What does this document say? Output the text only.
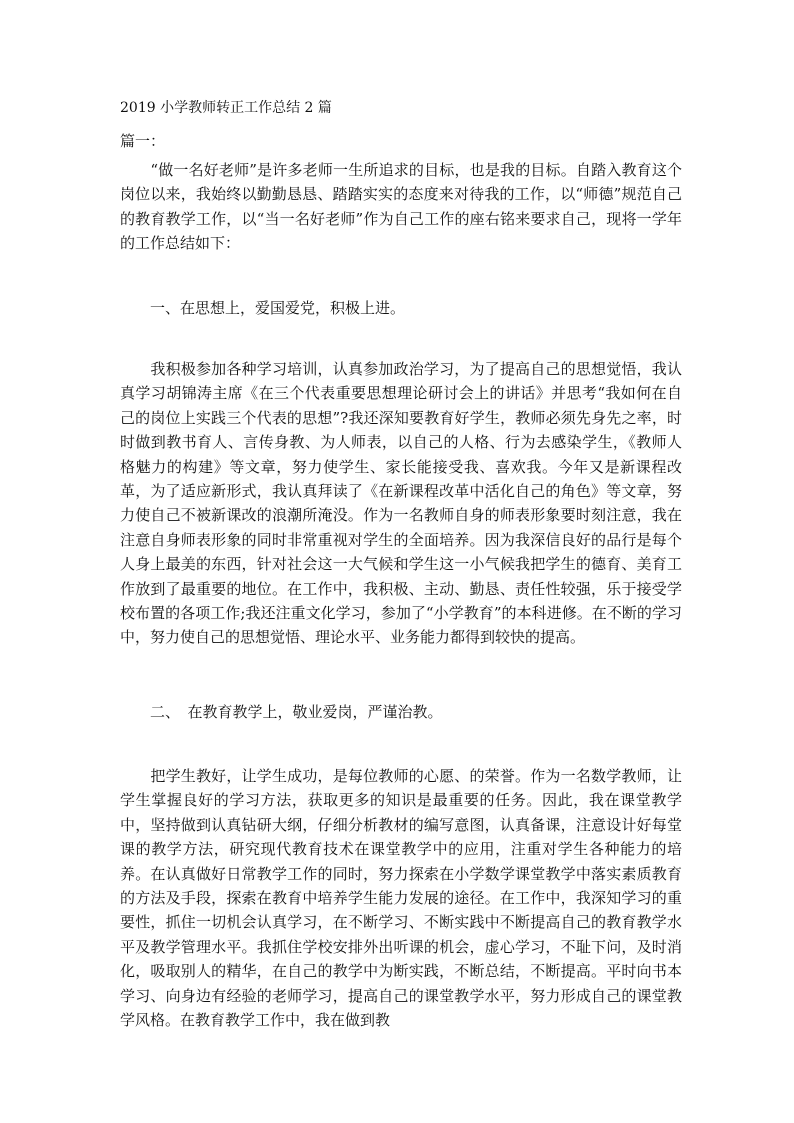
2019 小学教师转正工作总结 2 篇

篇一：

　　“做一名好老师”是许多老师一生所追求的目标，也是我的目标。自踏入教育这个岗位以来，我始终以勤勤恳恳、踏踏实实的态度来对待我的工作，以“师德”规范自己的教育教学工作，以“当一名好老师”作为自己工作的座右铭来要求自己，现将一学年的工作总结如下：

一、在思想上，爱国爱党，积极上进。

　　我积极参加各种学习培训，认真参加政治学习，为了提高自己的思想觉悟，我认真学习胡锦涛主席《在三个代表重要思想理论研讨会上的讲话》并思考“我如何在自己的岗位上实践三个代表的思想”?我还深知要教育好学生，教师必须先身先之率，时时做到教书育人、言传身教、为人师表，以自己的人格、行为去感染学生，《教师人格魅力的构建》等文章，努力使学生、家长能接受我、喜欢我。今年又是新课程改革，为了适应新形式，我认真拜读了《在新课程改革中活化自己的角色》等文章，努力使自己不被新课改的浪潮所淹没。作为一名教师自身的师表形象要时刻注意，我在注意自身师表形象的同时非常重视对学生的全面培养。因为我深信良好的品行是每个人身上最美的东西，针对社会这一大气候和学生这一小气候我把学生的德育、美育工作放到了最重要的地位。在工作中，我积极、主动、勤恳、责任性较强，乐于接受学校布置的各项工作;我还注重文化学习，参加了“小学教育”的本科进修。在不断的学习中，努力使自己的思想觉悟、理论水平、业务能力都得到较快的提高。

二、　在教育教学上，敬业爱岗，严谨治教。

　　把学生教好，让学生成功，是每位教师的心愿、的荣誉。作为一名数学教师，让学生掌握良好的学习方法，获取更多的知识是最重要的任务。因此，我在课堂教学中，坚持做到认真钻研大纲，仔细分析教材的编写意图，认真备课，注意设计好每堂课的教学方法，研究现代教育技术在课堂教学中的应用，注重对学生各种能力的培养。在认真做好日常教学工作的同时，努力探索在小学数学课堂教学中落实素质教育的方法及手段，探索在教育中培养学生能力发展的途径。在工作中，我深知学习的重要性，抓住一切机会认真学习，在不断学习、不断实践中不断提高自己的教育教学水平及教学管理水平。我抓住学校安排外出听课的机会，虚心学习，不耻下问，及时消化，吸取别人的精华，在自己的教学中为断实践，不断总结，不断提高。平时向书本学习、向身边有经验的老师学习，提高自己的课堂教学水平，努力形成自己的课堂教学风格。在教育教学工作中，我在做到教
